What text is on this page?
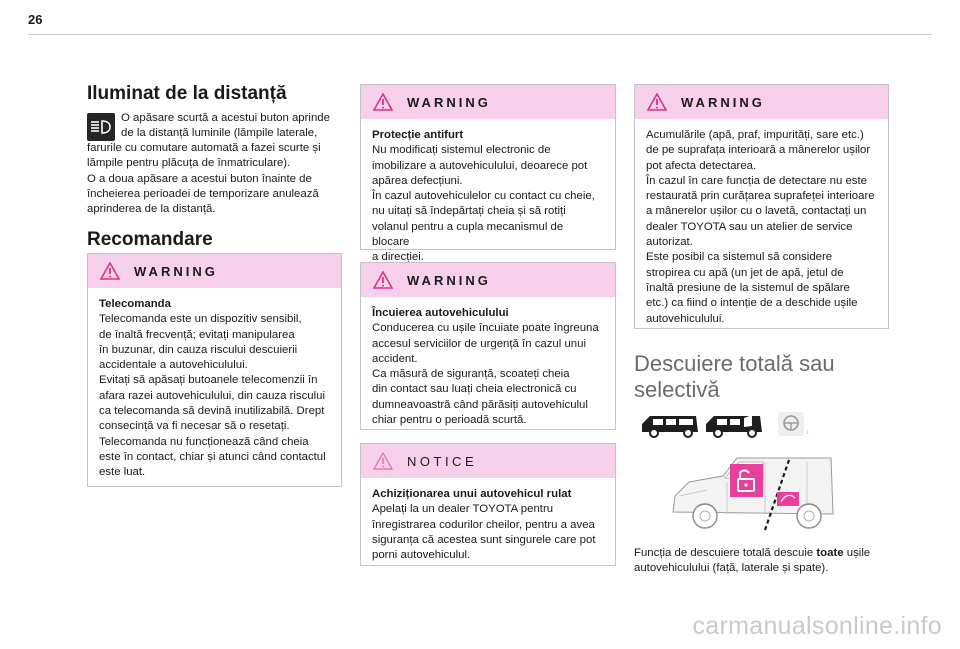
26
Iluminat de la distanță
O apăsare scurtă a acestui buton aprinde
de la distanță luminile (lămpile laterale,
farurile cu comutare automată a fazei scurte și
lămpile pentru plăcuța de înmatriculare).
O a doua apăsare a acestui buton înainte de
încheierea perioadei de temporizare anulează
aprinderea de la distanță.
Recomandare
WARNING
Telecomanda
Telecomanda este un dispozitiv sensibil,
de înaltă frecvență; evitați manipularea
în buzunar, din cauza riscului descuierii
accidentale a autovehiculului.
Evitați să apăsați butoanele telecomenzii în
afara razei autovehiculului, din cauza riscului
ca telecomanda să devină inutilizabilă. Drept
consecință va fi necesar să o resetați.
Telecomanda nu funcționează când cheia
este în contact, chiar și atunci când contactul
este luat.
WARNING
Protecție antifurt
Nu modificați sistemul electronic de
imobilizare a autovehiculului, deoarece pot
apărea defecțiuni.
În cazul autovehiculelor cu contact cu cheie,
nu uitați să îndepărtați cheia și să rotiți
volanul pentru a cupla mecanismul de blocare
a direcției.
WARNING
Încuierea autovehiculului
Conducerea cu ușile încuiate poate îngreuna
accesul serviciilor de urgență în cazul unui
accident.
Ca măsură de siguranță, scoateți cheia
din contact sau luați cheia electronică cu
dumneavoastră când părăsiți autovehiculul
chiar pentru o perioadă scurtă.
NOTICE
Achiziționarea unui autovehicul rulat
Apelați la un dealer TOYOTA pentru
înregistrarea codurilor cheilor, pentru a avea
siguranța că acestea sunt singurele care pot
porni autovehiculul.
WARNING
Acumulările (apă, praf, impurități, sare etc.)
de pe suprafața interioară a mânerelor ușilor
pot afecta detectarea.
În cazul în care funcția de detectare nu este
restaurată prin curățarea suprafeței interioare
a mânerelor ușilor cu o lavetă, contactați un
dealer TOYOTA sau un atelier de service
autorizat.
Este posibil ca sistemul să considere
stropirea cu apă (un jet de apă, jetul de
înaltă presiune de la sistemul de spălare
etc.) ca fiind o intenție de a deschide ușile
autovehiculului.
Descuiere totală sau
selectivă
↓
Funcția de descuiere totală descuie toate ușile
autovehiculului (față, laterale și spate).
carmanualsonline.info
